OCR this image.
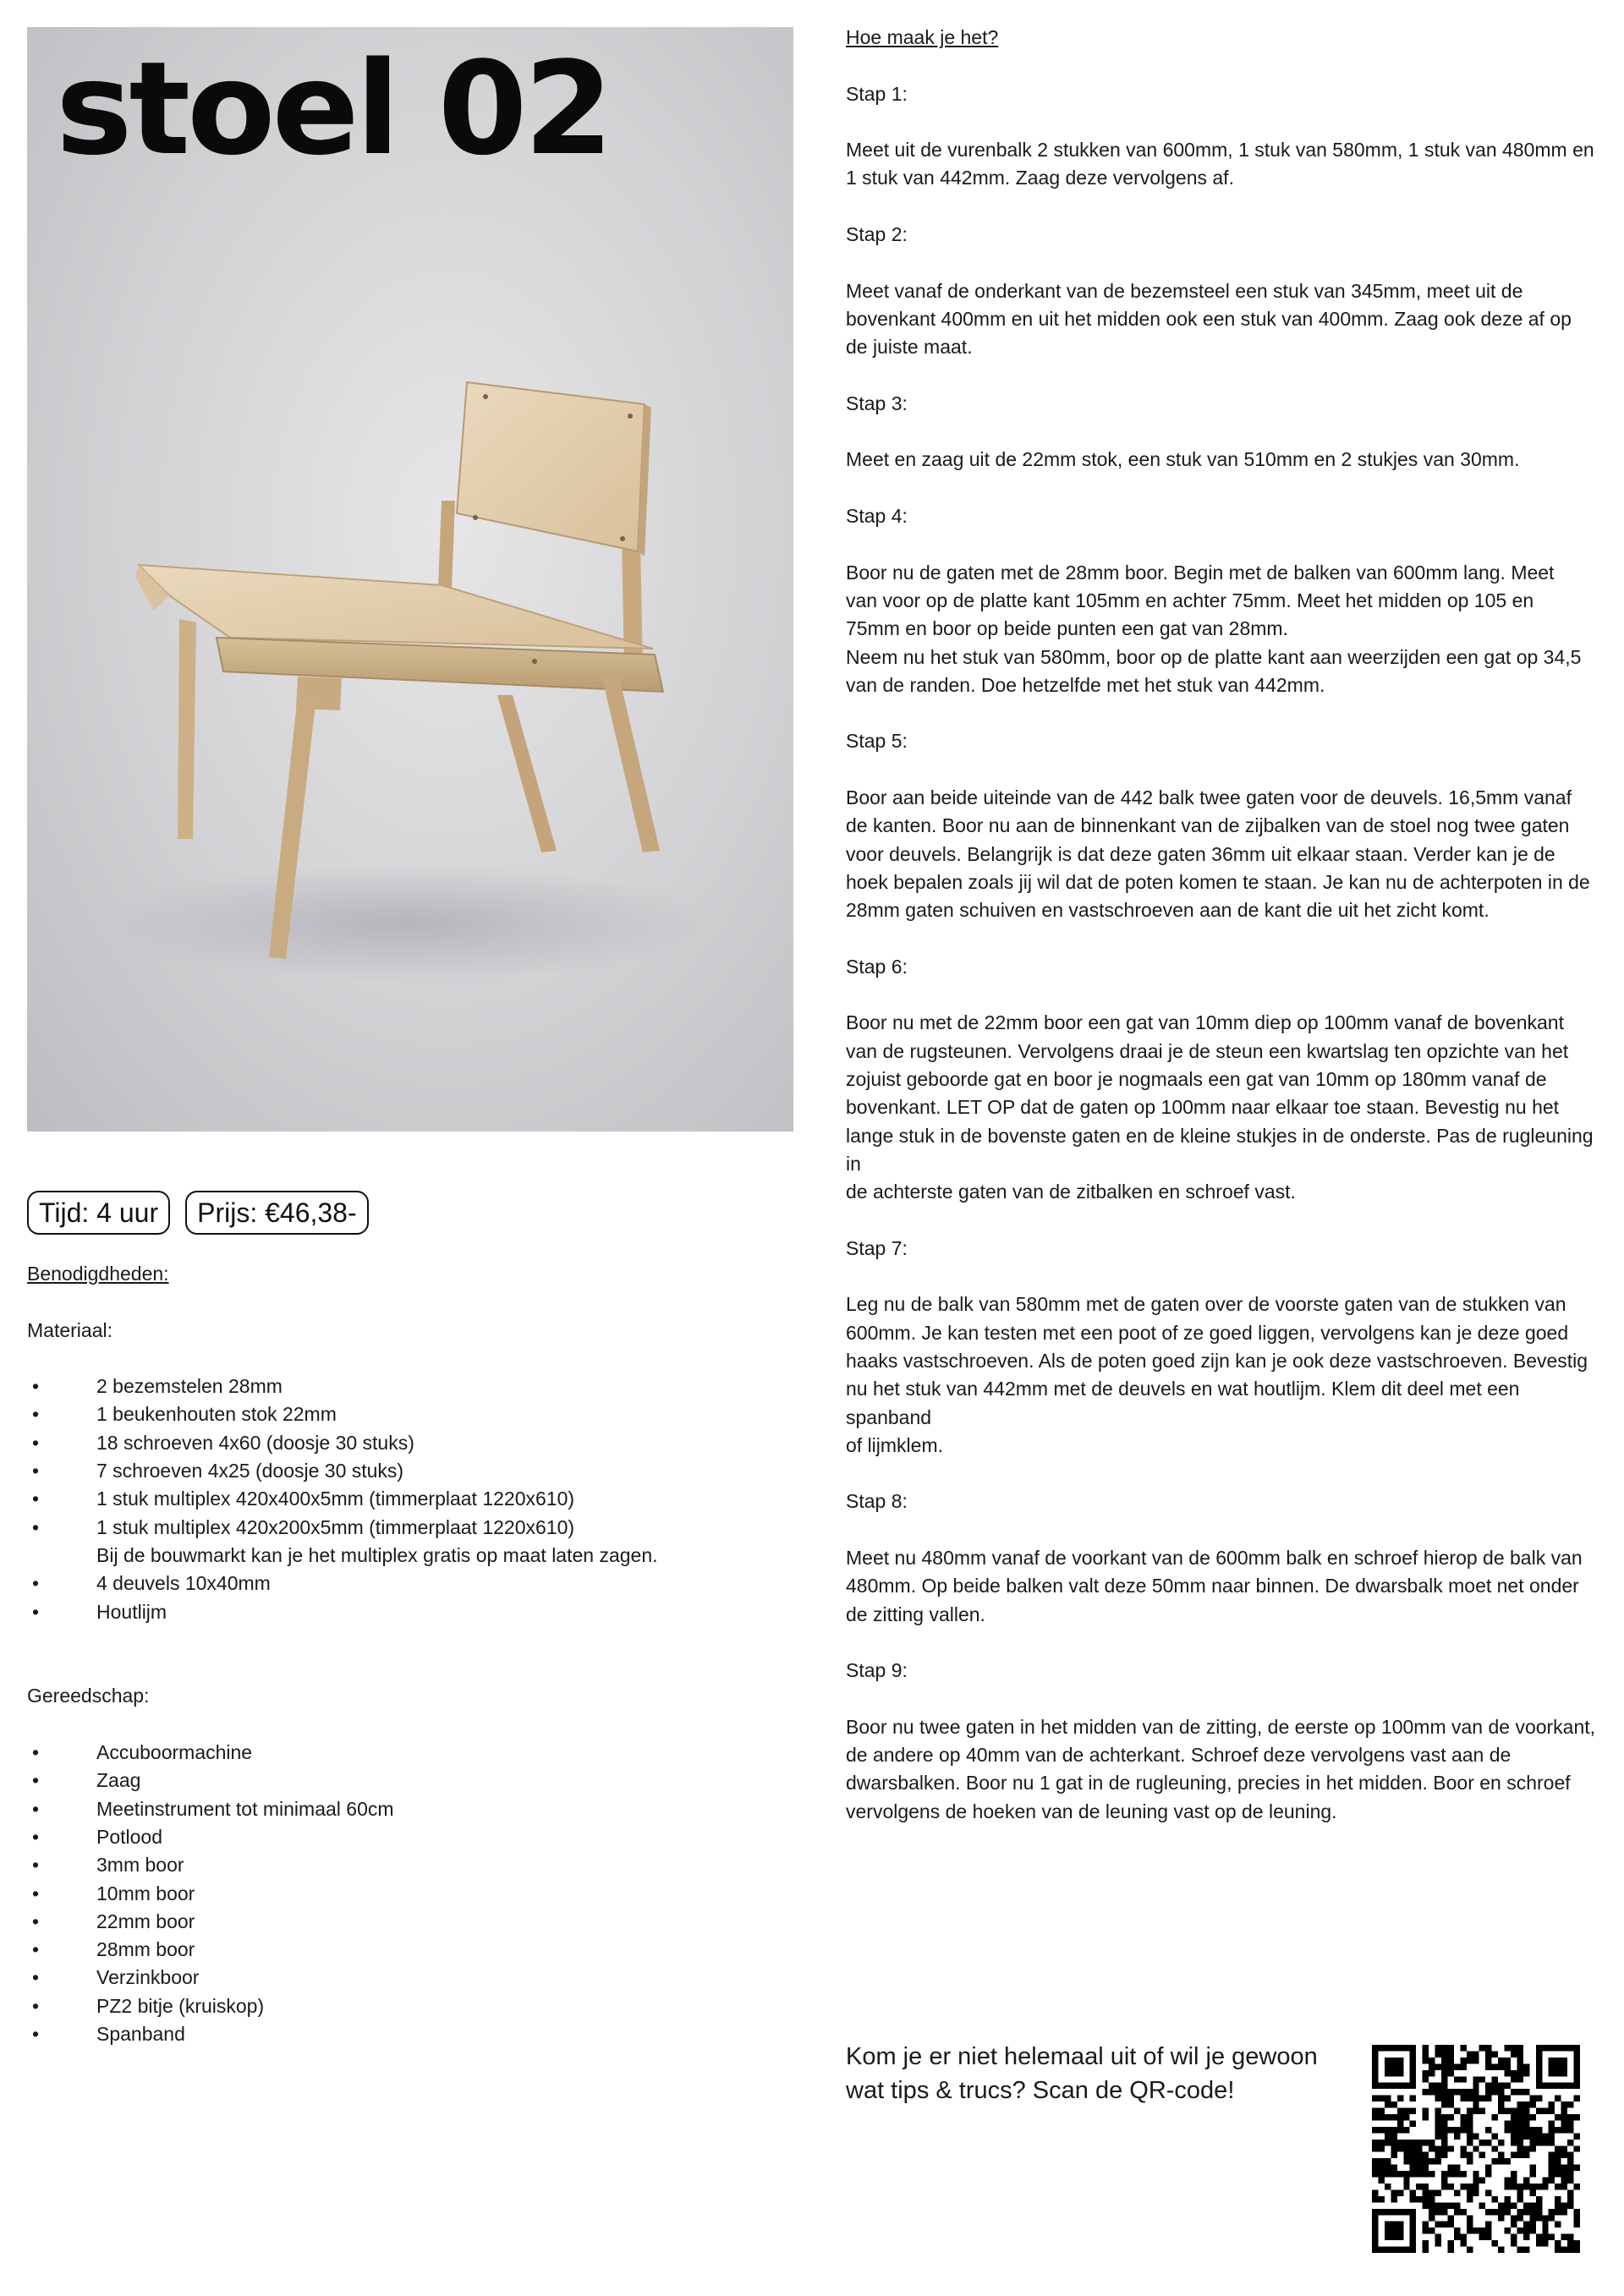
stoel 02
Tijd: 4 uur	Prijs: €46,38-

Benodigdheden:

Materiaal:

•	2 bezemstelen 28mm
•	1 beukenhouten stok 22mm
•	18 schroeven 4x60 (doosje 30 stuks)
•	7 schroeven 4x25 (doosje 30 stuks)
•	1 stuk multiplex 420x400x5mm (timmerplaat 1220x610)
•	1 stuk multiplex 420x200x5mm (timmerplaat 1220x610)

Bij de bouwmarkt kan je het multiplex gratis op maat laten zagen.

•	4 deuvels 10x40mm
•	Houtlijm

Gereedschap:

•	Accuboormachine
•	Zaag
•	Meetinstrument tot minimaal 60cm
•	Potlood
•	3mm boor
•	10mm boor
•	22mm boor
•	28mm boor
•	Verzinkboor
•	PZ2 bitje (kruiskop)
•	Spanband

Hoe maak je het?

Stap 1:

Meet uit de vurenbalk 2 stukken van 600mm, 1 stuk van 580mm, 1 stuk van 480mm en

1 stuk van 442mm. Zaag deze vervolgens af.

Stap 2:

Meet vanaf de onderkant van de bezemsteel een stuk van 345mm, meet uit de

bovenkant 400mm en uit het midden ook een stuk van 400mm. Zaag ook deze af op

de juiste maat.

Stap 3:

Meet en zaag uit de 22mm stok, een stuk van 510mm en 2 stukjes van 30mm.

Stap 4:

Boor nu de gaten met de 28mm boor. Begin met de balken van 600mm lang. Meet

van voor op de platte kant 105mm en achter 75mm. Meet het midden op 105 en

75mm en boor op beide punten een gat van 28mm.

Neem nu het stuk van 580mm, boor op de platte kant aan weerzijden een gat op 34,5

van de randen. Doe hetzelfde met het stuk van 442mm.

Stap 5:

Boor aan beide uiteinde van de 442 balk twee gaten voor de deuvels. 16,5mm vanaf

de kanten. Boor nu aan de binnenkant van de zijbalken van de stoel nog twee gaten

voor deuvels. Belangrijk is dat deze gaten 36mm uit elkaar staan. Verder kan je de

hoek bepalen zoals jij wil dat de poten komen te staan. Je kan nu de achterpoten in de

28mm gaten schuiven en vastschroeven aan de kant die uit het zicht komt.

Stap 6:

Boor nu met de 22mm boor een gat van 10mm diep op 100mm vanaf de bovenkant

van de rugsteunen. Vervolgens draai je de steun een kwartslag ten opzichte van het

zojuist geboorde gat en boor je nogmaals een gat van 10mm op 180mm vanaf de

bovenkant. LET OP dat de gaten op 100mm naar elkaar toe staan. Bevestig nu het

lange stuk in de bovenste gaten en de kleine stukjes in de onderste. Pas de rugleuning in

de achterste gaten van de zitbalken en schroef vast.

Stap 7:

Leg nu de balk van 580mm met de gaten over de voorste gaten van de stukken van

600mm. Je kan testen met een poot of ze goed liggen, vervolgens kan je deze goed

haaks vastschroeven. Als de poten goed zijn kan je ook deze vastschroeven. Bevestig

nu het stuk van 442mm met de deuvels en wat houtlijm. Klem dit deel met een spanband

of lijmklem.

Stap 8:

Meet nu 480mm vanaf de voorkant van de 600mm balk en schroef hierop de balk van

480mm. Op beide balken valt deze 50mm naar binnen. De dwarsbalk moet net onder

de zitting vallen.

Stap 9:

Boor nu twee gaten in het midden van de zitting, de eerste op 100mm van de voorkant,

de andere op 40mm van de achterkant. Schroef deze vervolgens vast aan de

dwarsbalken. Boor nu 1 gat in de rugleuning, precies in het midden. Boor en schroef

vervolgens de hoeken van de leuning vast op de leuning.

Kom je er niet helemaal uit of wil je gewoon
wat tips & trucs? Scan de QR-code!
